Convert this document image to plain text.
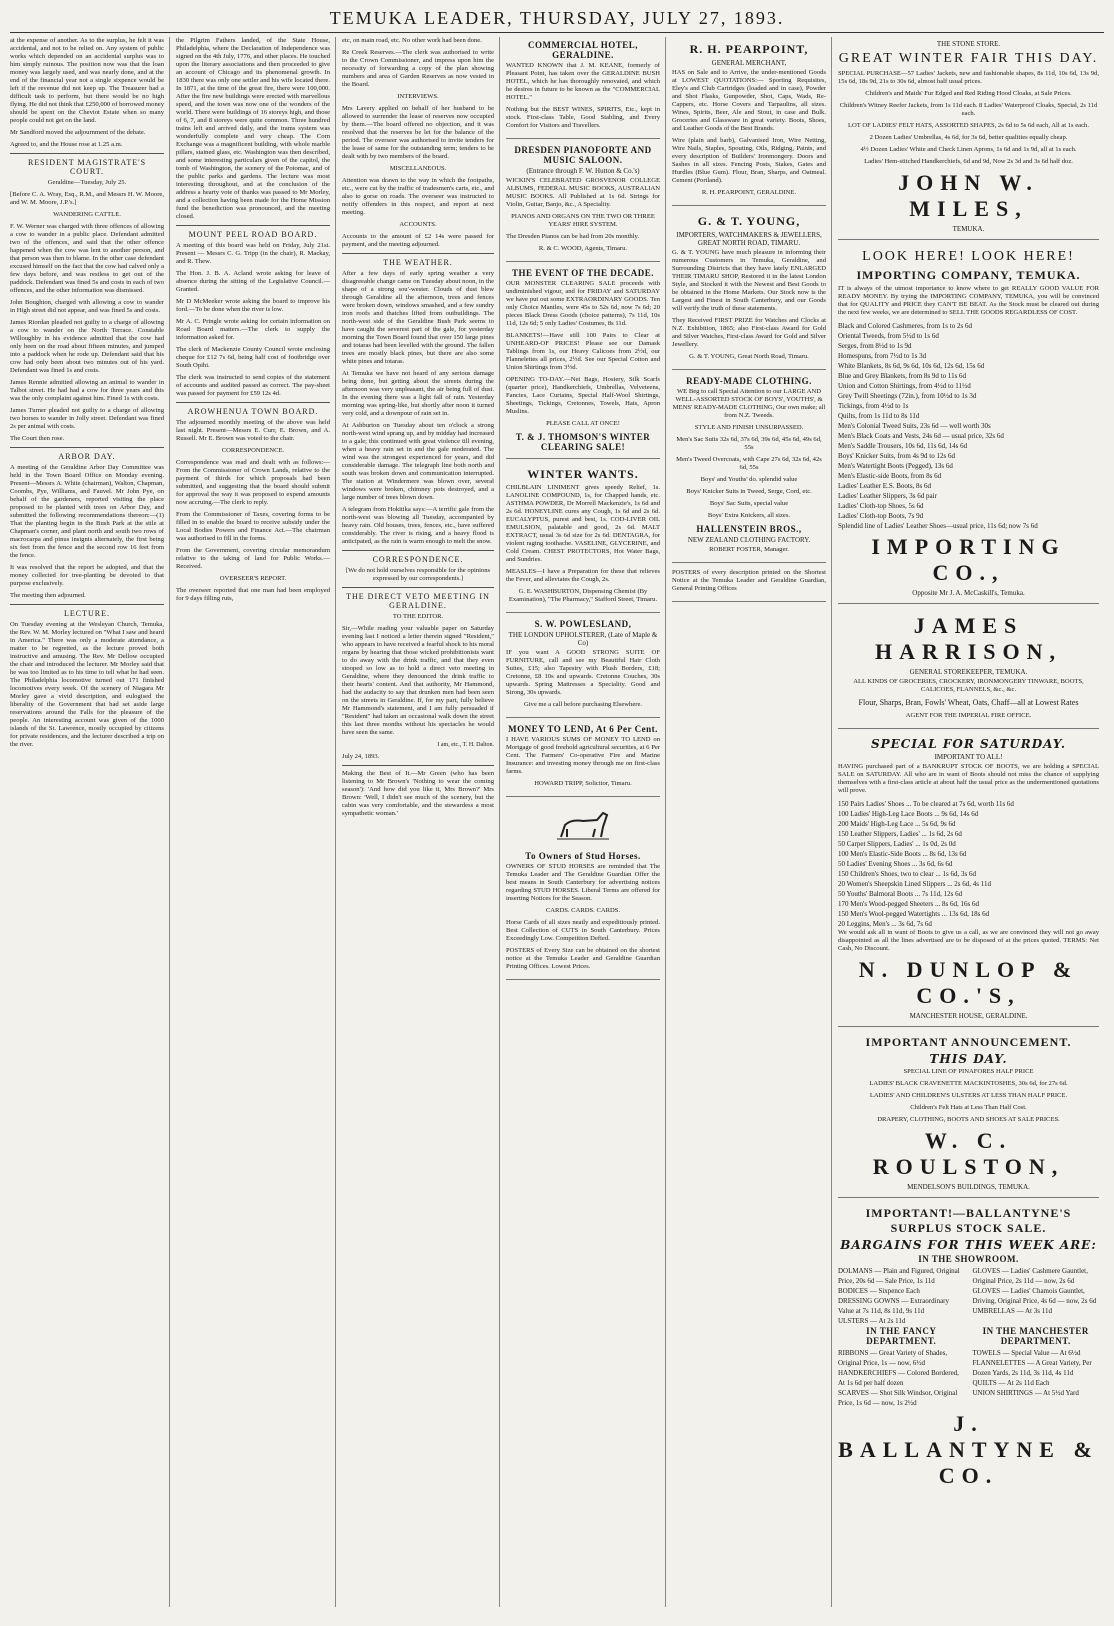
TEMUKA LEADER, THURSDAY, JULY 27, 1893.

at the expense of another. As to the surplus, he felt it was accidental, and not to be relied on. Any system of public works which depended on an accidental surplus was to him simply ruinous. The position now was that the loan money was largely used, and was nearly done, and at the end of the financial year not a single sixpence would be left if the revenue did not keep up. The Treasurer had a difficult task to perform, but there would be no high flying. He did not think that £250,000 of borrowed money should be spent on the Cheviot Estate when so many people could not get on the land.

Mr Sandford moved the adjournment of the debate.

Agreed to, and the House rose at 1.25 a.m.

RESIDENT MAGISTRATE'S COURT.

Geraldine—Tuesday, July 25.

[Before C. A. Wray, Esq., R.M., and Messrs H. W. Moore, and W. M. Moore, J.P.'s.]

WANDERING CATTLE.

F. W. Werner was charged with three offences of allowing a cow to wander in a public place. Defendant admitted two of the offences, and said that the other offence happened when the cow was lent to another person, and that person was then to blame. In the other case defendant excused himself on the fact that the cow had calved only a few days before, and was restless to get out of the paddock. Defendant was fined 5s and costs in each of two offences, and the other information was dismissed.

John Boughton, charged with allowing a cow to wander in High street did not appear, and was fined 5s and costs.

James Riordan pleaded not guilty to a charge of allowing a cow to wander on the North Terrace. Constable Willoughby in his evidence admitted that the cow had only been on the road about fifteen minutes, and jumped into a paddock when he rode up. Defendant said that his cow had only been about two minutes out of his yard. Defendant was fined 1s and costs.

James Rennie admitted allowing an animal to wander in Talbot street. He had had a cow for three years and this was the only complaint against him. Fined 1s with costs.

James Turner pleaded not guilty to a charge of allowing two horses to wander in Jolly street. Defendant was fined 2s per animal with costs.

The Court then rose.

ARBOR DAY.

A meeting of the Geraldine Arbor Day Committee was held in the Town Board Office on Monday evening. Present—Messrs A. White (chairman), Walton, Chapman, Coombs, Pye, Williams, and Fauvel. Mr John Pye, on behalf of the gardeners, reported visiting the place proposed to be planted with trees on Arbor Day, and submitted the following recommendations thereon:—(1) That the planting begin in the Bush Park at the stile at Chapman's corner, and plant north and south two rows of macrocarpa and pinus insignis alternately, the first being six feet from the fence and the second row 16 feet from the fence.

It was resolved that the report be adopted, and that the money collected for tree-planting be devoted to that purpose exclusively.

The meeting then adjourned.

LECTURE.

On Tuesday evening at the Wesleyan Church, Temuka, the Rev. W. M. Morley lectured on "What I saw and heard in America." There was only a moderate attendance, a matter to be regretted, as the lecture proved both instructive and amusing. The Rev. Mr Dellow occupied the chair and introduced the lecturer. Mr Morley said that he was too limited as to his time to tell what he had seen. The Philadelphia locomotive turned out 171 finished locomotives every week. Of the scenery of Niagara Mr Morley gave a vivid description, and eulogised the liberality of the Government that had set aside large reservations around the Falls for the pleasure of the people. An interesting account was given of the 1000 islands of the St. Lawrence, mostly occupied by citizens for private residences, and the lecturer described a trip on the river.

the Pilgrim Fathers landed, of the State House, Philadelphia, where the Declaration of Independence was signed on the 4th July, 1776, and other places. He touched upon the literary associations and then proceeded to give an account of Chicago and its phenomenal growth. In 1830 there was only one settler and his wife located there. In 1871, at the time of the great fire, there were 100,000. After the fire new buildings were erected with marvellous speed, and the town was now one of the wonders of the world. There were buildings of 16 storeys high, and those of 6, 7, and 8 storeys were quite common. Three hundred trains left and arrived daily, and the trams system was wonderfully complete and very cheap. The Corn Exchange was a magnificent building, with whole marble pillars, stained glass, etc. Washington was then described, and some interesting particulars given of the capitol, the tomb of Washington, the scenery of the Potomac, and of the public parks and gardens. The lecture was most interesting throughout, and at the conclusion of the address a hearty vote of thanks was passed to Mr Morley, and a collection having been made for the Home Mission fund the benediction was pronounced, and the meeting closed.

MOUNT PEEL ROAD BOARD.

A meeting of this board was held on Friday, July 21st. Present — Messrs C. G. Tripp (in the chair), R. Mackay, and R. Thew.

The Hon. J. B. A. Acland wrote asking for leave of absence during the sitting of the Legislative Council.—Granted.

Mr D McMeeker wrote asking the board to improve his ford.—To be done when the river is low.

Mr A. C. Pringle wrote asking for certain information on Road Board matters.—The clerk to supply the information asked for.

The clerk of Mackenzie County Council wrote enclosing cheque for £12 7s 6d, being half cost of footbridge over South Opihi.

The clerk was instructed to send copies of the statement of accounts and audited passed as correct. The pay-sheet was passed for payment for £59 12s 4d.

AROWHENUA TOWN BOARD.

The adjourned monthly meeting of the above was held last night. Present—Messrs E. Curr, E. Brown, and A. Russell. Mr E. Brown was voted to the chair.

CORRESPONDENCE.

Correspondence was read and dealt with as follows:—From the Commissioner of Crown Lands, relative to the payment of thirds for which proposals had been submitted, and suggesting that the board should submit for approval the way it was proposed to expend amounts now accruing.—The clerk to reply.

From the Commissioner of Taxes, covering forms to be filled in to enable the board to receive subsidy under the Local Bodies Powers and Finance Act.—The chairman was authorised to fill in the forms.

From the Government, covering circular memorandum relative to the taking of land for Public Works.—Received.

OVERSEER'S REPORT.

The overseer reported that one man had been employed for 9 days filling ruts,

etc, on main road, etc. No other work had been done.

Re Creek Reserves.—The clerk was authorised to write to the Crown Commissioner, and impress upon him the necessity of forwarding a copy of the plan showing numbers and area of Garden Reserves as now vested in the Board.

INTERVIEWS.

Mrs Lavery applied on behalf of her husband to be allowed to surrender the lease of reserves now occupied by them.—The board offered no objection, and it was resolved that the reserves be let for the balance of the period. The overseer was authorised to invite tenders for the lease of same for the outstanding term; tenders to be dealt with by two members of the board.

MISCELLANEOUS.

Attention was drawn to the way in which the footpaths, etc., were cut by the traffic of tradesmen's carts, etc., and also to gorse on roads. The overseer was instructed to notify offenders in this respect, and report at next meeting.

ACCOUNTS.

Accounts to the amount of £2 14s were passed for payment, and the meeting adjourned.

THE WEATHER.

After a few days of early spring weather a very disagreeable change came on Tuesday about noon, in the shape of a strong sou'-wester. Clouds of dust blew through Geraldine all the afternoon, trees and fences were broken down, windows smashed, and a few sundry iron roofs and thatches lifted from outbuildings. The north-west side of the Geraldine Bush Park seems to have caught the severest part of the gale, for yesterday morning the Town Board found that over 150 large pines and totaras had been levelled with the ground. The fallen trees are mostly black pines, but there are also some white pines and totaras.

At Temuka we have not heard of any serious damage being done, but getting about the streets during the afternoon was very unpleasant, the air being full of dust. In the evening there was a light fall of rain. Yesterday morning was spring-like, but shortly after noon it turned very cold, and a downpour of rain set in.

At Ashburton on Tuesday about ten o'clock a strong north-west wind sprang up, and by midday had increased to a gale; this continued with great violence till evening, when a heavy rain set in and the gale moderated. The wind was the strongest experienced for years, and did considerable damage. The telegraph line both north and south was broken down and communication interrupted. The station at Windermere was blown over, several windows were broken, chimney pots destroyed, and a large number of trees blown down.

A telegram from Hokitika says:—A terrific gale from the north-west was blowing all Tuesday, accompanied by heavy rain. Old houses, trees, fences, etc., have suffered considerably. The river is rising, and a heavy flood is anticipated, as the rain is warm enough to melt the snow.

CORRESPONDENCE.

[We do not hold ourselves responsible for the opinions expressed by our correspondents.]

THE DIRECT VETO MEETING IN GERALDINE.

TO THE EDITOR.

Sir,—While reading your valuable paper on Saturday evening last I noticed a letter therein signed "Resident," who appears to have received a fearful shock to his moral organs by hearing that those wicked prohibitionists want to do away with the drink traffic, and that they even stooped so low as to hold a direct veto meeting in Geraldine, where they denounced the drink traffic to their hearts' content. And that authority, Mr Hammond, had the audacity to say that drunken men had been seen on the streets in Geraldine. If, for my part, fully believe Mr Hammond's statement, and I am fully persuaded if "Resident" had taken an occasional walk down the street this last three months without his spectacles he would have seen the same.

I am, etc., T. H. Dalton.

July 24, 1893.

Making the Best of It.—Mr Green (who has been listening to Mr Brown's 'Nothing to wear the coming season'): 'And how did you like it, Mrs Brown?' Mrs Brown: 'Well, I didn't see much of the scenery, but the cabin was very comfortable, and the stewardess a most sympathetic woman.'

COMMERCIAL HOTEL, GERALDINE.

WANTED KNOWN that J. M. KEANE, formerly of Pleasant Point, has taken over the GERALDINE BUSH HOTEL, which he has thoroughly renovated, and which he desires in future to be known as the "COMMERCIAL HOTEL."

Nothing but the BEST WINES, SPIRITS, Etc., kept in stock. First-class Table, Good Stabling, and Every Comfort for Visitors and Travellers.

DRESDEN PIANOFORTE AND MUSIC SALOON.
(Entrance through F. W. Hutton & Co.'s)

WICKIN'S CELEBRATED GROSVENOR COLLEGE ALBUMS, FEDERAL MUSIC BOOKS, AUSTRALIAN MUSIC BOOKS. All Published at 1s 6d. Strings for Violin, Guitar, Banjo, &c., A Speciality.

PIANOS AND ORGANS ON THE TWO OR THREE YEARS' HIRE SYSTEM.

The Dresden Pianos can be had from 20s monthly.

R. & C. WOOD, Agents, Timaru.

THE EVENT OF THE DECADE.

OUR MONSTER CLEARING SALE proceeds with undiminished vigour, and for FRIDAY and SATURDAY we have put out some EXTRAORDINARY GOODS. Ten only Choice Mantles, were 45s to 52s 6d, now 7s 6d; 20 pieces Black Dress Goods (choice patterns), 7s 11d, 10s 11d, 12s 6d; 5 only Ladies' Costumes, 8s 11d.

BLANKETS!—Have still 100 Pairs to Clear at UNHEARD-OF PRICES! Please see our Damask Tablings from 1s, our Heavy Calicoes from 2½d, our Flannelettes all prices, 2½d. See our Special Cotton and Union Shirtings from 3½d.

OPENING TO-DAY.—Net Bags, Hosiery, Silk Scarfs (quarter price), Handkerchiefs, Umbrellas, Velveteens, Fancies, Lace Curtains, Special Half-Wool Shirtings, Sheetings, Tickings, Cretonnes, Towels, Hats, Apron Muslins.

PLEASE CALL AT ONCE!

T. & J. THOMSON'S WINTER CLEARING SALE!
WINTER WANTS.

CHILBLAIN LINIMENT gives speedy Relief, 1s. LANOLINE COMPOUND, 1s, for Chapped hands, etc. ASTHMA POWDER, Dr Morrell Mackenzie's, 1s 6d and 2s 6d. HONEYLINE cures any Cough, 1s 6d and 2s 6d. EUCALYPTUS, purest and best, 1s. COD-LIVER OIL EMULSION, palatable and good, 2s 6d. MALT EXTRACT, usual 3s 6d size for 2s 6d. DENTAGRA, for violent raging toothache. VASELINE, GLYCERINE, and Cold Cream. CHEST PROTECTORS, Hot Water Bags, and Sundries.

MEASLES—I have a Preparation for these that relieves the Fever, and alleviates the Cough, 2s.

G. E. WASHBURTON, Dispensing Chemist (By Examination), "The Pharmacy," Stafford Street, Timaru.

S. W. POWLESLAND,
THE LONDON UPHOLSTERER, (Late of Maple & Co)

IF you want A GOOD STRONG SUITE OF FURNITURE, call and see my Beautiful Hair Cloth Suites, £15; also Tapestry with Plush Borders, £18; Cretonne, £8 10s and upwards. Cretonne Couches, 30s upwards. Spring Mattresses a Speciality. Good and Strong, 30s upwards.

Give me a call before purchasing Elsewhere.

MONEY TO LEND, At 6 Per Cent.

I HAVE VARIOUS SUMS OF MONEY TO LEND on Mortgage of good freehold agricultural securities, at 6 Per Cent. The Farmers' Co-operative Fire and Marine Insurance: and investing money through me on first-class farms.

HOWARD TRIPP, Solicitor, Timaru.

To Owners of Stud Horses.

OWNERS OF STUD HORSES are reminded that The Temuka Leader and The Geraldine Guardian Offer the best means in South Canterbury for advertising notices regarding STUD HORSES. Liberal Terms are offered for inserting Notices for the Season.

CARDS. CARDS. CARDS.

Horse Cards of all sizes neatly and expeditiously printed. Best Collection of CUTS in South Canterbury. Prices Exceedingly Low. Competition Defied.

POSTERS of Every Size can be obtained on the shortest notice at the Temuka Leader and Geraldine Guardian Printing Offices. Lowest Prices.

R. H. PEARPOINT,
GENERAL MERCHANT,

HAS on Sale and to Arrive, the under-mentioned Goods at LOWEST QUOTATIONS:— Sporting Requisites, Eley's and Club Cartridges (loaded and in case), Powder and Shot Flasks, Gunpowder, Shot, Caps, Wads, Re-Cappers, etc. Horse Covers and Tarpaulins, all sizes. Wines, Spirits, Beer, Ale and Stout, in case and Bulk. Groceries and Glassware in great variety. Boots, Shoes, and Leather Goods of the Best Brands.

Wire (plain and barb), Galvanised Iron, Wire Netting, Wire Nails, Staples, Spouting, Oils, Ridging, Paints, and every description of Builders' Ironmongery. Doors and Sashes in all sizes. Fencing Posts, Stakes, Gates and Hurdles (Blue Gum). Flour, Bran, Sharps, and Oatmeal. Cement (Portland).

R. H. PEARPOINT, GERALDINE.

G. & T. YOUNG,
IMPORTERS, WATCHMAKERS & JEWELLERS, GREAT NORTH ROAD, TIMARU.

G. & T. YOUNG have much pleasure in informing their numerous Customers in Temuka, Geraldine, and Surrounding Districts that they have lately ENLARGED THEIR TIMARU SHOP, Restored it in the latest London Style, and Stocked it with the Newest and Best Goods to be obtained in the Home Markets. Our Stock now is the Largest and Finest in South Canterbury, and our Goods will verify the truth of these statements.

They Received FIRST PRIZE for Watches and Clocks at N.Z. Exhibition, 1865; also First-class Award for Gold and Silver Watches, First-class Award for Gold and Silver Jewellery.

G. & T. YOUNG, Great North Road, Timaru.

READY-MADE CLOTHING.

WE Beg to call Special Attention to our LARGE AND WELL-ASSORTED STOCK OF BOYS', YOUTHS', & MENS' READY-MADE CLOTHING, Our own make; all from N.Z. Tweeds.

STYLE AND FINISH UNSURPASSED.

Men's Sac Suits 32s 6d, 37s 6d, 39s 6d, 45s 6d, 49s 6d, 55s

Men's Tweed Overcoats, with Cape 27s 6d, 32s 6d, 42s 6d, 55s

Boys' and Youths' do. splendid value

Boys' Knicker Suits in Tweed, Serge, Cord, etc.

Boys' Sac Suits, special value

Boys' Extra Knickers, all sizes.

HALLENSTEIN BROS.,
NEW ZEALAND CLOTHING FACTORY.

ROBERT FOSTER, Manager.

POSTERS of every description printed on the Shortest Notice at the Temuka Leader and Geraldine Guardian, General Printing Offices

THE STONE STORE.
GREAT WINTER FAIR THIS DAY.

SPECIAL PURCHASE—57 Ladies' Jackets, new and fashionable shapes, 8s 11d, 10s 6d, 13s 9d, 15s 6d, 18s 9d, 21s to 30s 6d, almost half usual prices.

Children's and Maids' Fur Edged and Red Riding Hood Cloaks, at Sale Prices.

Children's Witney Reefer Jackets, from 1s 11d each. 8 Ladies' Waterproof Cloaks, Special, 2s 11d each.

LOT OF LADIES' FELT HATS, ASSORTED SHAPES, 2s 6d to 5s 6d each, All at 1s each.

2 Dozen Ladies' Umbrellas, 4s 6d, for 3s 6d, better qualities equally cheap.

4½ Dozen Ladies' White and Check Linen Aprons, 1s 6d and 1s 9d, all at 1s each.

Ladies' Hem-stitched Handkerchiefs, 6d and 9d, Now 2s 3d and 3s 6d half doz.

JOHN W. MILES,
TEMUKA.
LOOK HERE! LOOK HERE!
IMPORTING COMPANY, TEMUKA.

IT is always of the utmost importance to know where to get REALLY GOOD VALUE FOR READY MONEY. By trying the IMPORTING COMPANY, TEMUKA, you will be convinced that for QUALITY and PRICE they CAN'T BE BEAT. As the Stock must be cleared out during the next few weeks, we are determined to SELL THE GOODS REGARDLESS OF COST.

Black and Colored Cashmeres, from 1s to 2s 6d
Oriental Tweeds, from 5½d to 1s 6d
Serges, from 8½d to 1s 9d
Homespuns, from 7½d to 1s 3d
White Blankets, 8s 6d, 9s 6d, 10s 6d, 12s 6d, 15s 6d
Blue and Grey Blankets, from 8s 9d to 11s 6d
Union and Cotton Shirtings, from 4½d to 11½d
Grey Twill Sheetings (72in.), from 10½d to 1s 3d
Tickings, from 4½d to 1s
Quilts, from 1s 11d to 8s 11d
Men's Colonial Tweed Suits, 23s 6d — well worth 30s
Men's Black Coats and Vests, 24s 6d — usual price, 32s 6d
Men's Saddle Trousers, 10s 6d, 11s 6d, 14s 6d
Boys' Knicker Suits, from 4s 9d to 12s 6d
Men's Watertight Boots (Pegged), 13s 6d
Men's Elastic-side Boots, from 8s 6d
Ladies' Leather E.S. Boots, 8s 6d
Ladies' Leather Slippers, 3s 6d pair
Ladies' Cloth-top Shoes, 5s 6d
Ladies' Cloth-top Boots, 7s 9d
Splendid line of Ladies' Leather Shoes—usual price, 11s 6d; now 7s 6d
IMPORTING CO.,
Opposite Mr J. A. McCaskill's, Temuka.
JAMES HARRISON,
GENERAL STOREKEEPER, TEMUKA.

ALL KINDS OF GROCERIES, CROCKERY, IRONMONGERY TINWARE, BOOTS, CALICOES, FLANNELS, &c., &c.

Flour, Sharps, Bran, Fowls' Wheat, Oats, Chaff—all at Lowest Rates

AGENT FOR THE IMPERIAL FIRE OFFICE.

SPECIAL FOR SATURDAY.
IMPORTANT TO ALL!

HAVING purchased part of a BANKRUPT STOCK OF BOOTS, we are holding a SPECIAL SALE on SATURDAY. All who are in want of Boots should not miss the chance of supplying themselves with a first-class article at about half the usual price as the undermentioned quotations will prove.

150 Pairs Ladies' Shoes ... To be cleared at 7s 6d, worth 11s 6d
100 Ladies' High-Leg Lace Boots ... 9s 6d, 14s 6d
200 Maids' High-Leg Lace ... 5s 6d, 9s 6d
150 Leather Slippers, Ladies' ... 1s 6d, 2s 6d
50 Carpet Slippers, Ladies' ... 1s 0d, 2s 0d
100 Men's Elastic-Side Boots ... 8s 6d, 13s 6d
50 Ladies' Evening Shoes ... 3s 6d, 6s 6d
150 Children's Shoes, two to clear ... 1s 6d, 3s 6d
20 Women's Sheepskin Lined Slippers ... 2s 6d, 4s 11d
50 Youths' Balmoral Boots ... 7s 11d, 12s 6d
170 Men's Wood-pegged Sheeters ... 8s 6d, 16s 6d
150 Men's Wool-pegged Watertights ... 13s 6d, 18s 6d
20 Leggins, Men's ... 3s 6d, 7s 6d

We would ask all in want of Boots to give us a call, as we are convinced they will not go away disappointed as all the lines advertised are to be disposed of at the prices quoted. TERMS: Net Cash, No Discount.

N. DUNLOP & CO.'S,
MANCHESTER HOUSE, GERALDINE.
IMPORTANT ANNOUNCEMENT.
THIS DAY.

SPECIAL LINE OF PINAFORES HALF PRICE

LADIES' BLACK CRAVENETTE MACKINTOSHES, 30s 6d, for 27s 6d.

LADIES' AND CHILDREN'S ULSTERS AT LESS THAN HALF PRICE.

Children's Felt Hats at Less Than Half Cost.

DRAPERY, CLOTHING, BOOTS AND SHOES AT SALE PRICES.

W. C. ROULSTON,
MENDELSON'S BUILDINGS, TEMUKA.
IMPORTANT!—BALLANTYNE'S SURPLUS STOCK SALE.
BARGAINS FOR THIS WEEK ARE:
IN THE SHOWROOM.
DOLMANS — Plain and Figured, Original Price, 20s 6d — Sale Price, 1s 11d
BODICES — Sixpence Each
DRESSING GOWNS — Extraordinary Value at 7s 11d, 8s 11d, 9s 11d
ULSTERS — At 2s 11d
GLOVES — Ladies' Cashmere Gauntlet, Original Price, 2s 11d — now, 2s 6d
GLOVES — Ladies' Chamois Gauntlet, Driving, Original Price, 4s 6d — now, 2s 6d
UMBRELLAS — At 3s 11d
IN THE FANCY DEPARTMENT.
RIBBONS — Great Variety of Shades, Original Price, 1s — now, 6½d
HANDKERCHIEFS — Colored Bordered, At 1s 6d per half dozen
SCARVES — Shot Silk Windsor, Original Price, 1s 6d — now, 1s 2½d
IN THE MANCHESTER DEPARTMENT.
TOWELS — Special Value — At 6½d
FLANNELETTES — A Great Variety, Per Dozen Yards, 2s 11d, 3s 11d, 4s 11d
QUILTS — At 2s 11d Each
UNION SHIRTINGS — At 5½d Yard
J. BALLANTYNE & CO.
